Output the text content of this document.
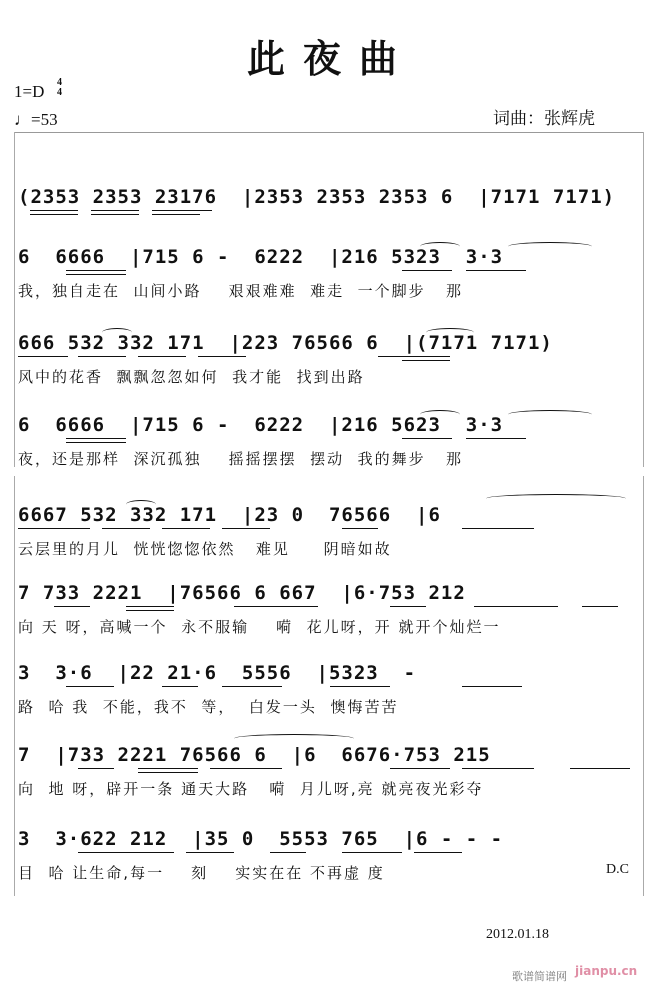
此夜曲
1=D 4
4
♩=53	词曲：张辉虎
(2353 2353 23176  |2353 2353 2353 6  |7171 7171)
6  6666  |715 6 -  6222  |216 5323  3·3
我，独自走在  山间小路    艰艰难难  难走  一个脚步   那
666 532 332 171  |223 76566 6  |(7171 7171)
风中的花香  飘飘忽忽如何  我才能  找到出路
6  6666  |715 6 -  6222  |216 5623  3·3
夜，还是那样  深沉孤独    摇摇摆摆  摆动  我的舞步   那
6667 532 332 171  |23 0  76566  |6
云层里的月儿  恍恍惚惚依然   难见     阴暗如故
7 733 2221  |76566 6 667  |6·753 212
向 天 呀，高喊一个  永不服输    嗬  花儿呀，开 就开个灿烂一
3  3·6  |22 21·6  5556  |5323  -
路  哈 我  不能，我不  等，  白发一头  懊悔苦苦
7  |733 2221 76566 6  |6  6676·753 215
向  地 呀，辟开一条 通天大路   嗬  月儿呀,亮 就亮夜光彩夺
3  3·622 212  |35 0  5553 765  |6 - - -
目  哈 让生命,每一    刻    实实在在 不再虚 度	D.C
2012.01.18
歌谱简谱网 jianpu.cn
